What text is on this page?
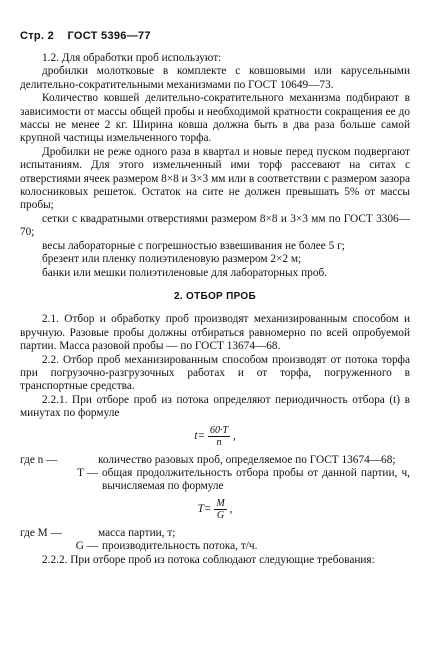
Стр. 2 ГОСТ 5396—77

1.2. Для обработки проб используют:

дробилки молотковые в комплекте с ковшовыми или карусельными делительно-сократительными механизмами по ГОСТ 10649—73.

Количество ковшей делительно-сократительного механизма подбирают в зависимости от массы общей пробы и необходимой кратности сокращения ее до массы не менее 2 кг. Ширина ковша должна быть в два раза больше самой крупной частицы измельченного торфа.

Дробилки не реже одного раза в квартал и новые перед пуском подвергают испытаниям. Для этого измельченный ими торф рассевают на ситах с отверстиями ячеек размером 8×8 и 3×3 мм или в соответствии с размером зазора колосниковых решеток. Остаток на сите не должен превышать 5% от массы пробы;

сетки с квадратными отверстиями размером 8×8 и 3×3 мм по ГОСТ 3306—70;

весы лабораторные с погрешностью взвешивания не более 5 г;

брезент или пленку полиэтиленовую размером 2×2 м;

банки или мешки полиэтиленовые для лабораторных проб.

2. ОТБОР ПРОБ

2.1. Отбор и обработку проб производят механизированным способом и вручную. Разовые пробы должны отбираться равномерно по всей опробуемой партии. Масса разовой пробы — по ГОСТ 13674—68.

2.2. Отбор проб механизированным способом производят от потока торфа при погрузочно-разгрузочных работах и от торфа, погруженного в транспортные средства.

2.2.1. При отборе проб из потока определяют периодичность отбора (t) в минутах по формуле

$t= \frac{60\cdot T}{n}$ ,
где n —	количество разовых проб, определяемое по ГОСТ 13674—68;
T — общая продолжительность отбора пробы от данной партии, ч, вычисляемая по формуле
$T= \frac{M}{G}$ ,
где M —	масса партии, т;
G — производительность потока, т/ч.

2.2.2. При отборе проб из потока соблюдают следующие требования:
